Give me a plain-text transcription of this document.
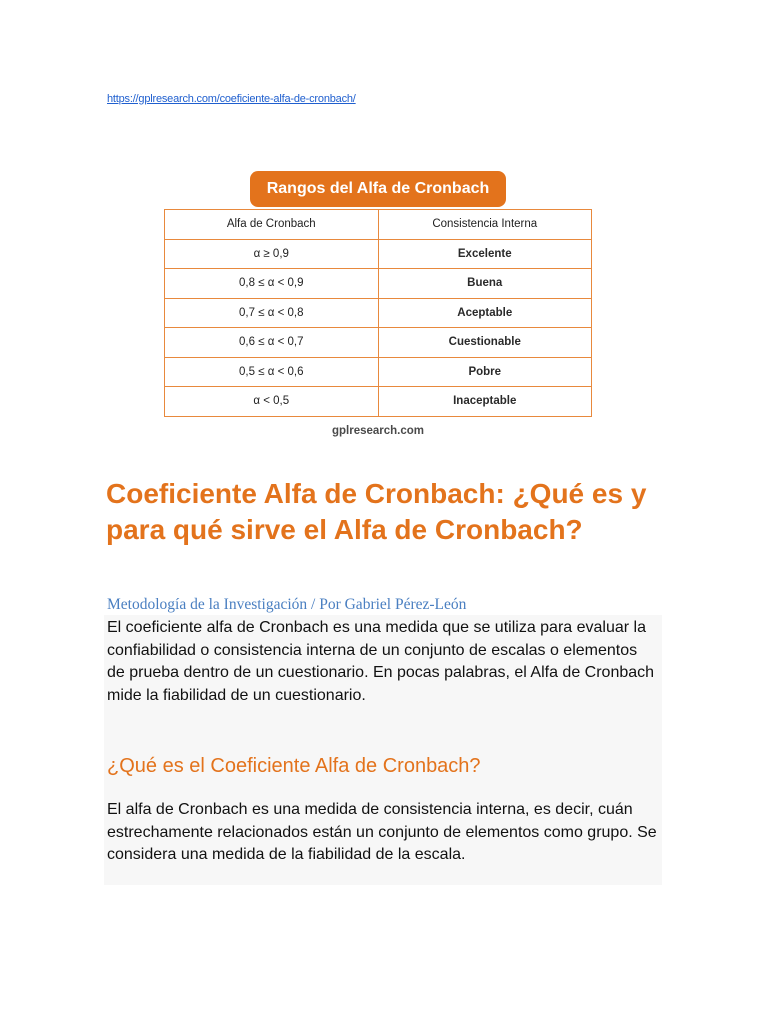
https://gplresearch.com/coeficiente-alfa-de-cronbach/
Rangos del Alfa de Cronbach
Alfa de Cronbach	Consistencia Interna
α ≥ 0,9	Excelente
0,8 ≤ α < 0,9	Buena
0,7 ≤ α < 0,8	Aceptable
0,6 ≤ α < 0,7	Cuestionable
0,5 ≤ α < 0,6	Pobre
α < 0,5	Inaceptable
gplresearch.com
Coeficiente Alfa de Cronbach: ¿Qué es y para qué sirve el Alfa de Cronbach?
Metodología de la Investigación / Por Gabriel Pérez-León

El coeficiente alfa de Cronbach es una medida que se utiliza para evaluar la confiabilidad o consistencia interna de un conjunto de escalas o elementos de prueba dentro de un cuestionario. En pocas palabras, el Alfa de Cronbach mide la fiabilidad de un cuestionario.

¿Qué es el Coeficiente Alfa de Cronbach?

El alfa de Cronbach es una medida de consistencia interna, es decir, cuán estrechamente relacionados están un conjunto de elementos como grupo. Se considera una medida de la fiabilidad de la escala.
